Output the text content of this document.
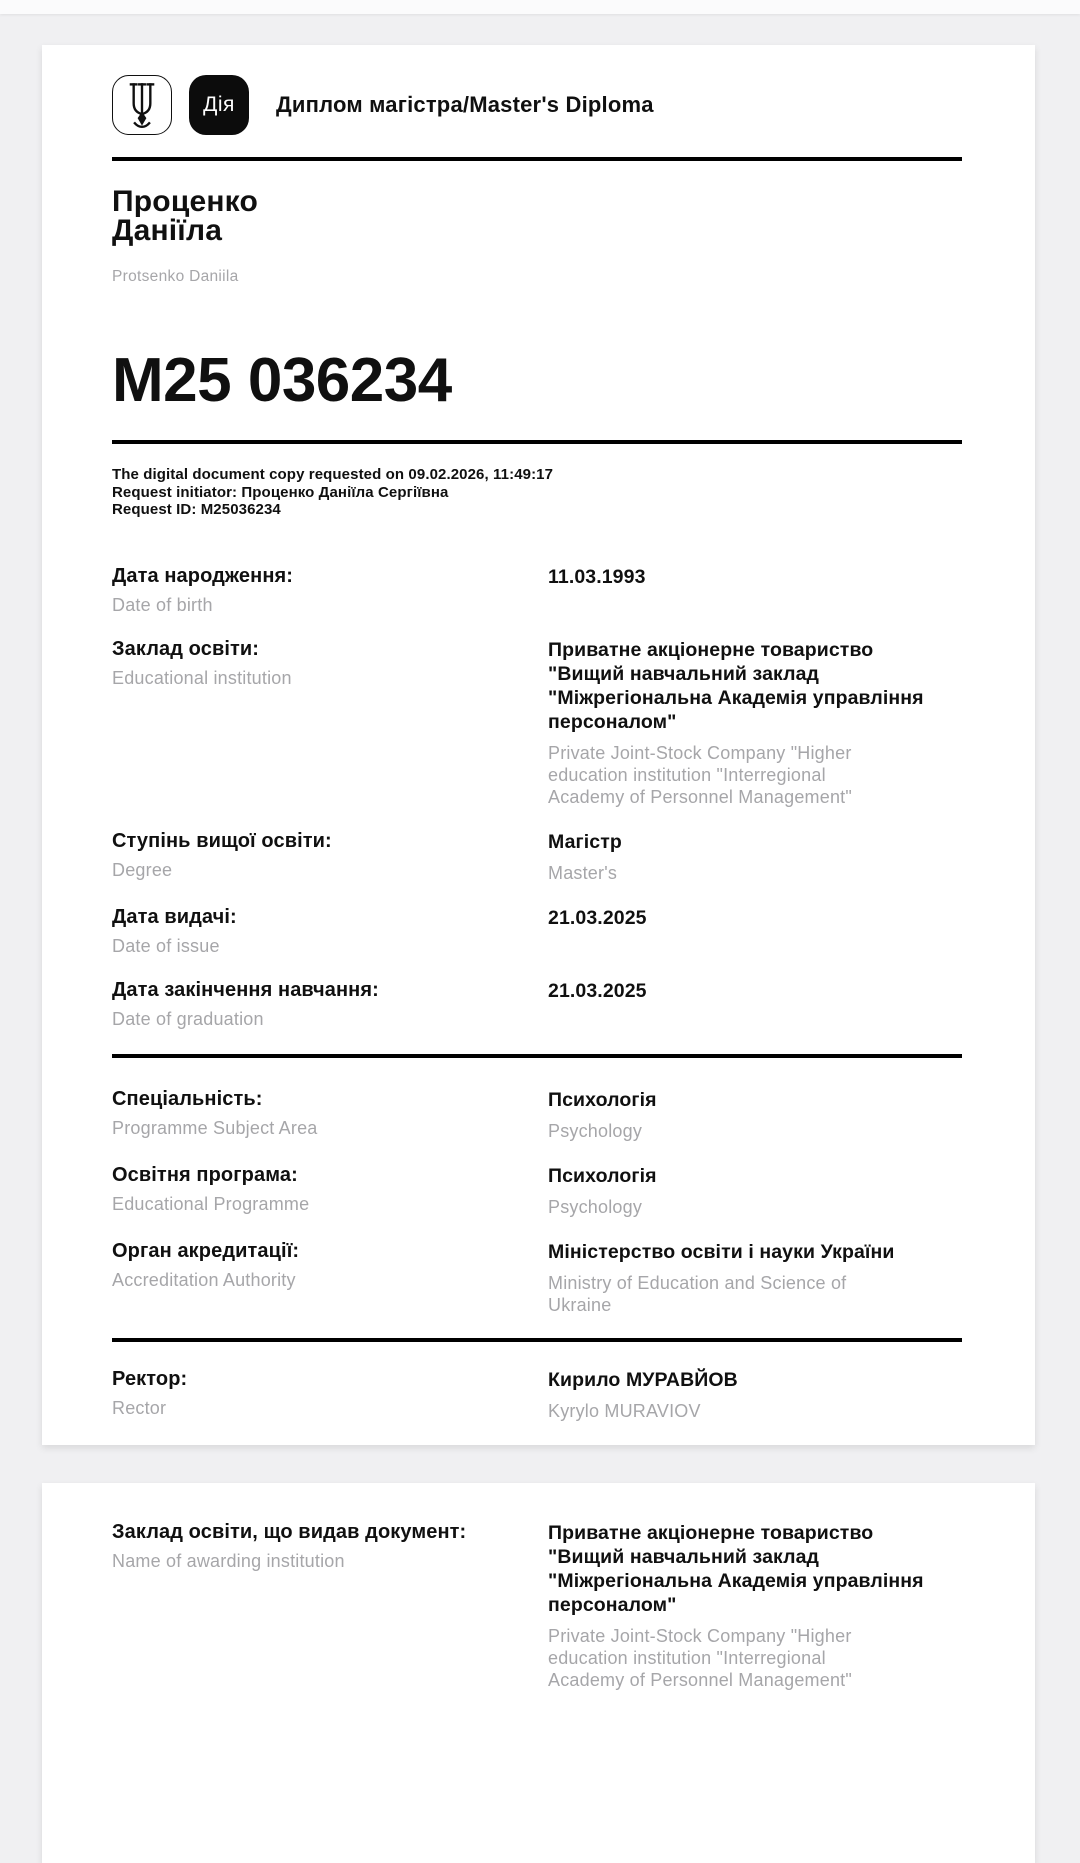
Дія Диплом магістра/Master's Diploma
Проценко
Даніїла
Protsenko Daniila
М25 036234
The digital document copy requested on 09.02.2026, 11:49:17
Request initiator: Проценко Даніїла Сергіївна
Request ID: M25036234
Дата народження:
Date of birth
11.03.1993
Заклад освіти:
Educational institution
Приватне акціонерне товариство "Вищий навчальний заклад "Міжрегіональна Академія управління персоналом"
Private Joint-Stock Company "Higher education institution "Interregional Academy of Personnel Management"
Ступінь вищої освіти:
Degree
Магістр
Master's
Дата видачі:
Date of issue
21.03.2025
Дата закінчення навчання:
Date of graduation
21.03.2025
Спеціальність:
Programme Subject Area
Психологія
Psychology
Освітня програма:
Educational Programme
Психологія
Psychology
Орган акредитації:
Accreditation Authority
Міністерство освіти і науки України
Ministry of Education and Science of Ukraine
Ректор:
Rector
Кирило МУРАВЙОВ
Kyrylo MURAVIOV
Заклад освіти, що видав документ:
Name of awarding institution
Приватне акціонерне товариство "Вищий навчальний заклад "Міжрегіональна Академія управління персоналом"
Private Joint-Stock Company "Higher education institution "Interregional Academy of Personnel Management"
